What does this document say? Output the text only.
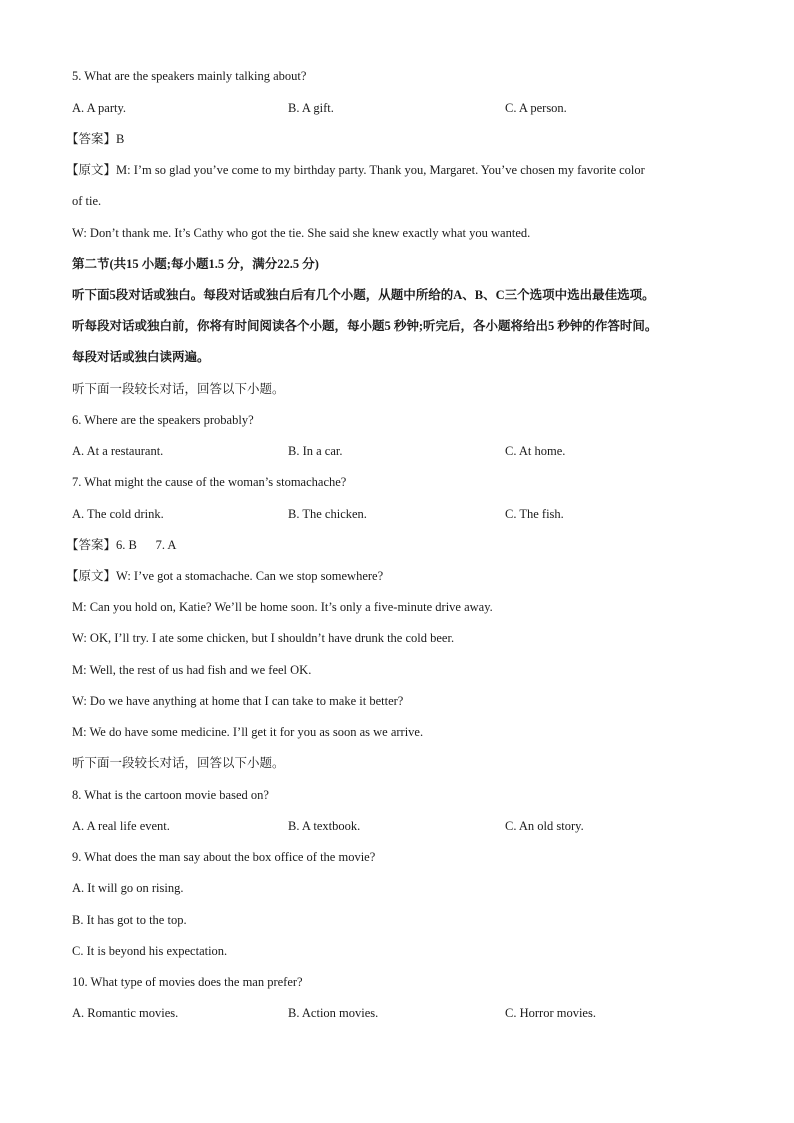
5. What are the speakers mainly talking about?
A. A party.	B. A gift.	C. A person.
【答案】B
【原文】M: I’m so glad you’ve come to my birthday party. Thank you, Margaret. You’ve chosen my favorite color
of tie.
W: Don’t thank me. It’s Cathy who got the tie. She said she knew exactly what you wanted.
第二节(共15 小题;每小题1.5 分，满分22.5 分)
听下面5段对话或独白。每段对话或独白后有几个小题，从题中所给的A、B、C三个选项中选出最佳选项。
听每段对话或独白前，你将有时间阅读各个小题，每小题5 秒钟;听完后，各小题将给出5 秒钟的作答时间。
每段对话或独白读两遍。
听下面一段较长对话，回答以下小题。
6. Where are the speakers probably?
A. At a restaurant.	B. In a car.	C. At home.
7. What might the cause of the woman’s stomachache?
A. The cold drink.	B. The chicken.	C. The fish.
【答案】6. B      7. A
【原文】W: I’ve got a stomachache. Can we stop somewhere?
M: Can you hold on, Katie? We’ll be home soon. It’s only a five-minute drive away.
W: OK, I’ll try. I ate some chicken, but I shouldn’t have drunk the cold beer.
M: Well, the rest of us had fish and we feel OK.
W: Do we have anything at home that I can take to make it better?
M: We do have some medicine. I’ll get it for you as soon as we arrive.
听下面一段较长对话，回答以下小题。
8. What is the cartoon movie based on?
A. A real life event.	B. A textbook.	C. An old story.
9. What does the man say about the box office of the movie?
A. It will go on rising.
B. It has got to the top.
C. It is beyond his expectation.
10. What type of movies does the man prefer?
A. Romantic movies.	B. Action movies.	C. Horror movies.
